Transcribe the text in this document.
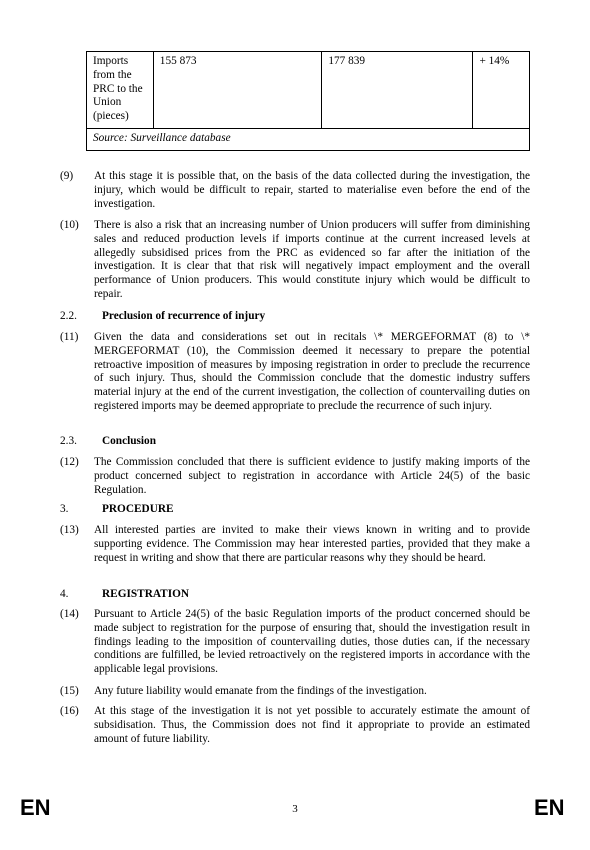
Imports
from the
PRC to the
Union
(pieces)	155 873	177 839	+ 14%
Source: Surveillance database
(9)	At this stage it is possible that, on the basis of the data collected during the investigation, the injury, which would be difficult to repair, started to materialise even before the end of the investigation.
(10)	There is also a risk that an increasing number of Union producers will suffer from diminishing sales and reduced production levels if imports continue at the current increased levels at allegedly subsidised prices from the PRC as evidenced so far after the initiation of the investigation. It is clear that that risk will negatively impact employment and the overall performance of Union producers. This would constitute injury which would be difficult to repair.
2.2. Preclusion of recurrence of injury
(11)	Given the data and considerations set out in recitals \* MERGEFORMAT (8) to \* MERGEFORMAT (10), the Commission deemed it necessary to prepare the potential retroactive imposition of measures by imposing registration in order to preclude the recurrence of such injury. Thus, should the Commission conclude that the domestic industry suffers material injury at the end of the current investigation, the collection of countervailing duties on registered imports may be deemed appropriate to preclude the recurrence of such injury.
2.3. Conclusion
(12)	The Commission concluded that there is sufficient evidence to justify making imports of the product concerned subject to registration in accordance with Article 24(5) of the basic Regulation.
3.	PROCEDURE
(13)	All interested parties are invited to make their views known in writing and to provide supporting evidence. The Commission may hear interested parties, provided that they make a request in writing and show that there are particular reasons why they should be heard.
4.	REGISTRATION
(14)	Pursuant to Article 24(5) of the basic Regulation imports of the product concerned should be made subject to registration for the purpose of ensuring that, should the investigation result in findings leading to the imposition of countervailing duties, those duties can, if the necessary conditions are fulfilled, be levied retroactively on the registered imports in accordance with the applicable legal provisions.
(15)	Any future liability would emanate from the findings of the investigation.
(16)	At this stage of the investigation it is not yet possible to accurately estimate the amount of subsidisation. Thus, the Commission does not find it appropriate to provide an estimated amount of future liability.
EN	3	EN
